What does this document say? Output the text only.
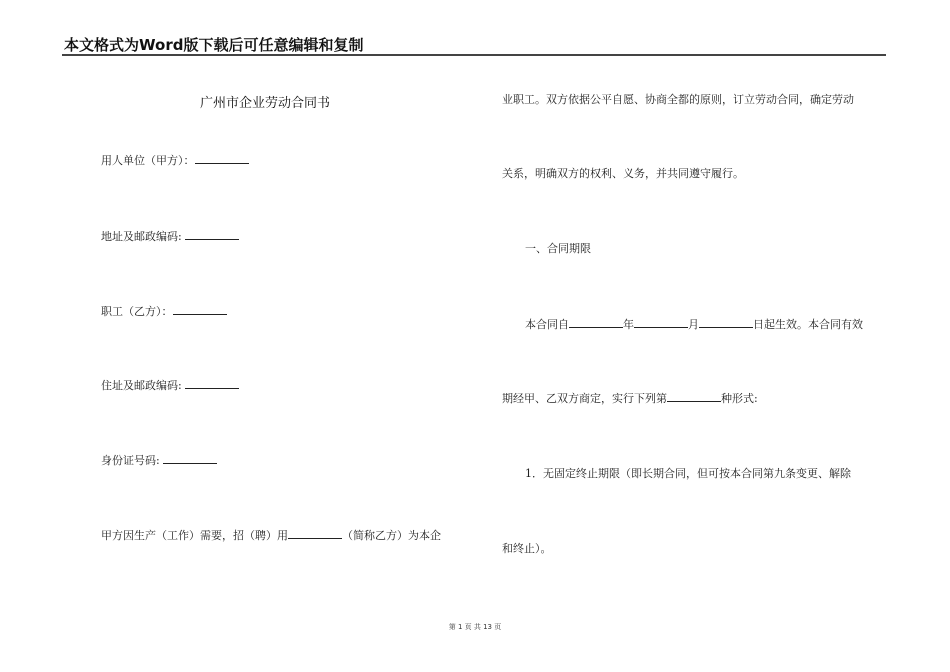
本文格式为Word版下载后可任意编辑和复制
广州市企业劳动合同书
用人单位（甲方）：
地址及邮政编码:
职工（乙方）：
住址及邮政编码:
身份证号码:
甲方因生产（工作）需要，招（聘）用	（简称乙方）为本企
业职工。双方依据公平自愿、协商全都的原则，订立劳动合同，确定劳动
关系，明确双方的权利、义务，并共同遵守履行。
一、合同期限
本合同自	年	月	日起生效。本合同有效
期经甲、乙双方商定，实行下列第	种形式:
1．无固定终止期限（即长期合同，但可按本合同第九条变更、解除
和终止）。
第 1 页 共 13 页
